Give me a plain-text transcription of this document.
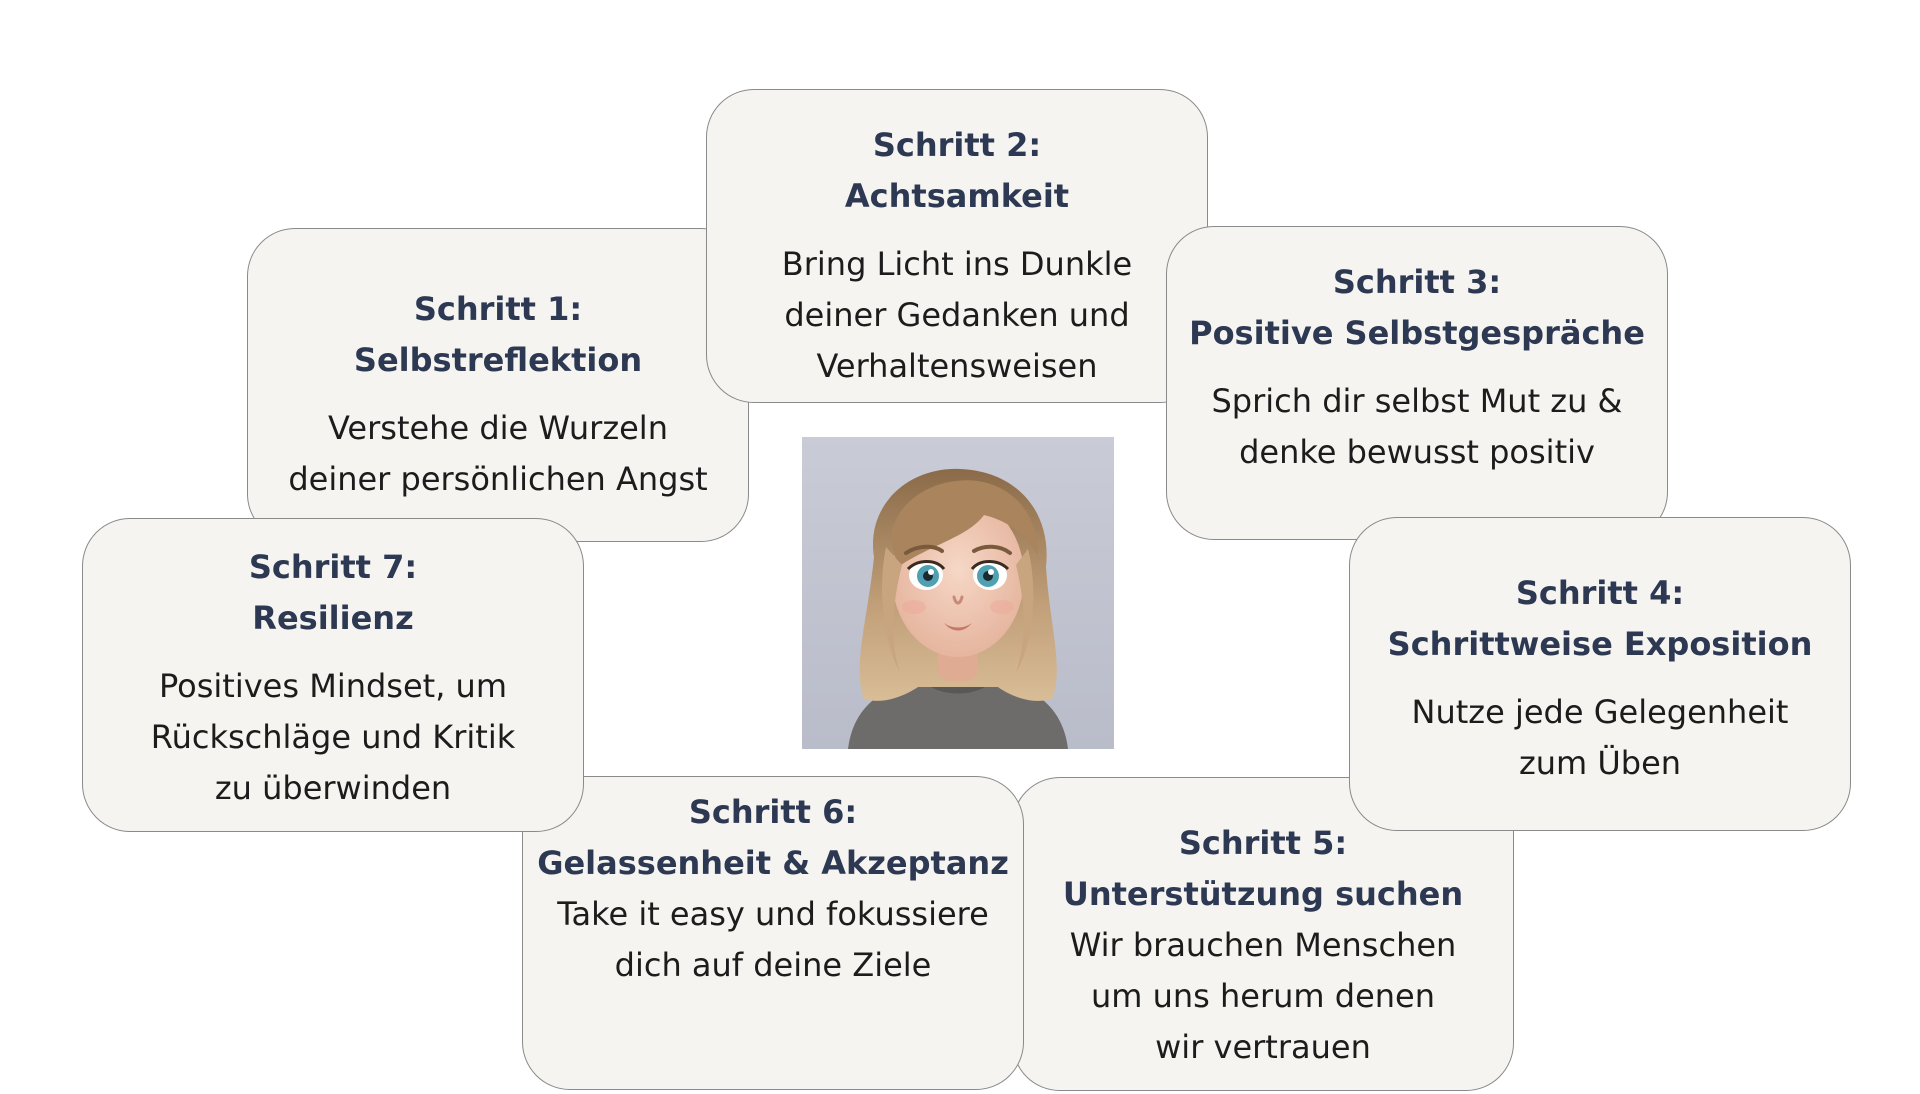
Schritt 1:
Selbstreflektion
Verstehe die Wurzeln
deiner persönlichen Angst
Schritt 2:
Achtsamkeit
Bring Licht ins Dunkle
deiner Gedanken und
Verhaltensweisen
Schritt 3:
Positive Selbstgespräche
Sprich dir selbst Mut zu &
denke bewusst positiv
Schritt 4:
Schrittweise Exposition
Nutze jede Gelegenheit
zum Üben
Schritt 5:
Unterstützung suchen
Wir brauchen Menschen
um uns herum denen
wir vertrauen
Schritt 6:
Gelassenheit & Akzeptanz
Take it easy und fokussiere
dich auf deine Ziele
Schritt 7:
Resilienz
Positives Mindset, um
Rückschläge und Kritik
zu überwinden
